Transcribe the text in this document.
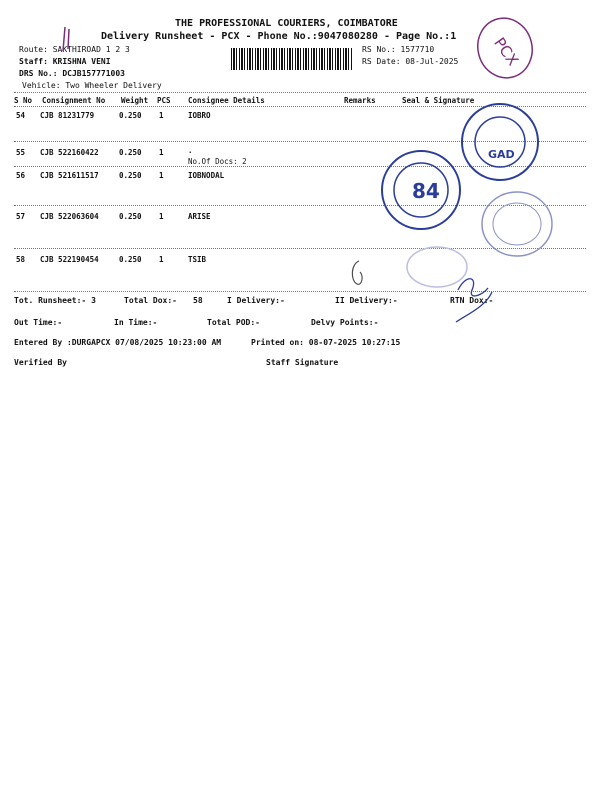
THE PROFESSIONAL COURIERS, COIMBATORE
Delivery Runsheet - PCX - Phone No.:9047080280 - Page No.:1
Route: SAKTHIROAD 1 2 3
Staff: KRISHNA VENI
DRS No.: DCJB157771003
Vehicle: Two Wheeler Delivery
RS No.: 1577710
RS Date: 08-Jul-2025 PCX
S No Consignment No Weight PCS Consignee Details	Remarks	Seal & Signature
54 CJB 81231779	0.250 1	IOBRO
55 CJB 522160422	0.250 1	.
No.Of Docs: 2
56 CJB 521611517	0.250 1	IOBNODAL
57 CJB 522063604	0.250 1	ARISE
58 CJB 522190454	0.250 1	TSIB
84
GAD
Tot. Runsheet:- 3	Total Dox:- 58	I Delivery:-	II Delivery:-	RTN Dox:-
Out Time:-	In Time:-	Total POD:-	Delvy Points:-
Entered By :DURGAPCX 07/08/2025 10:23:00 AM	Printed on: 08-07-2025 10:27:15
Verified By	Staff Signature
